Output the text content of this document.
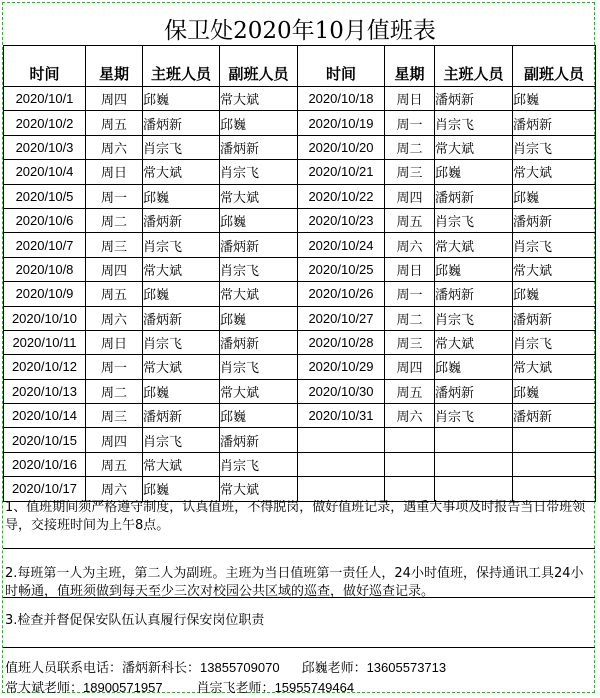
保卫处2020年10月值班表
时间	星期	主班人员	副班人员	时间	星期	主班人员	副班人员
2020/10/1	周四	邱巍	常大斌	2020/10/18	周日	潘炳新	邱巍
2020/10/2	周五	潘炳新	邱巍	2020/10/19	周一	肖宗飞	潘炳新
2020/10/3	周六	肖宗飞	潘炳新	2020/10/20	周二	常大斌	肖宗飞
2020/10/4	周日	常大斌	肖宗飞	2020/10/21	周三	邱巍	常大斌
2020/10/5	周一	邱巍	常大斌	2020/10/22	周四	潘炳新	邱巍
2020/10/6	周二	潘炳新	邱巍	2020/10/23	周五	肖宗飞	潘炳新
2020/10/7	周三	肖宗飞	潘炳新	2020/10/24	周六	常大斌	肖宗飞
2020/10/8	周四	常大斌	肖宗飞	2020/10/25	周日	邱巍	常大斌
2020/10/9	周五	邱巍	常大斌	2020/10/26	周一	潘炳新	邱巍
2020/10/10	周六	潘炳新	邱巍	2020/10/27	周二	肖宗飞	潘炳新
2020/10/11	周日	肖宗飞	潘炳新	2020/10/28	周三	常大斌	肖宗飞
2020/10/12	周一	常大斌	肖宗飞	2020/10/29	周四	邱巍	常大斌
2020/10/13	周二	邱巍	常大斌	2020/10/30	周五	潘炳新	邱巍
2020/10/14	周三	潘炳新	邱巍	2020/10/31	周六	肖宗飞	潘炳新
2020/10/15	周四	肖宗飞	潘炳新				
2020/10/16	周五	常大斌	肖宗飞				
2020/10/17	周六	邱巍	常大斌				
1、值班期间须严格遵守制度，认真值班，不得脱岗，做好值班记录，遇重大事项及时报告当日带班领导，交接班时间为上午8点。
2.每班第一人为主班，第二人为副班。主班为当日值班第一责任人，24小时值班，保持通讯工具24小时畅通，值班须做到每天至少三次对校园公共区域的巡查，做好巡查记录。
3.检查并督促保安队伍认真履行保安岗位职责
值班人员联系电话：潘炳新科长：13855709070 邱巍老师：13605573713
常大斌老师：18900571957	肖宗飞老师：15955749464
